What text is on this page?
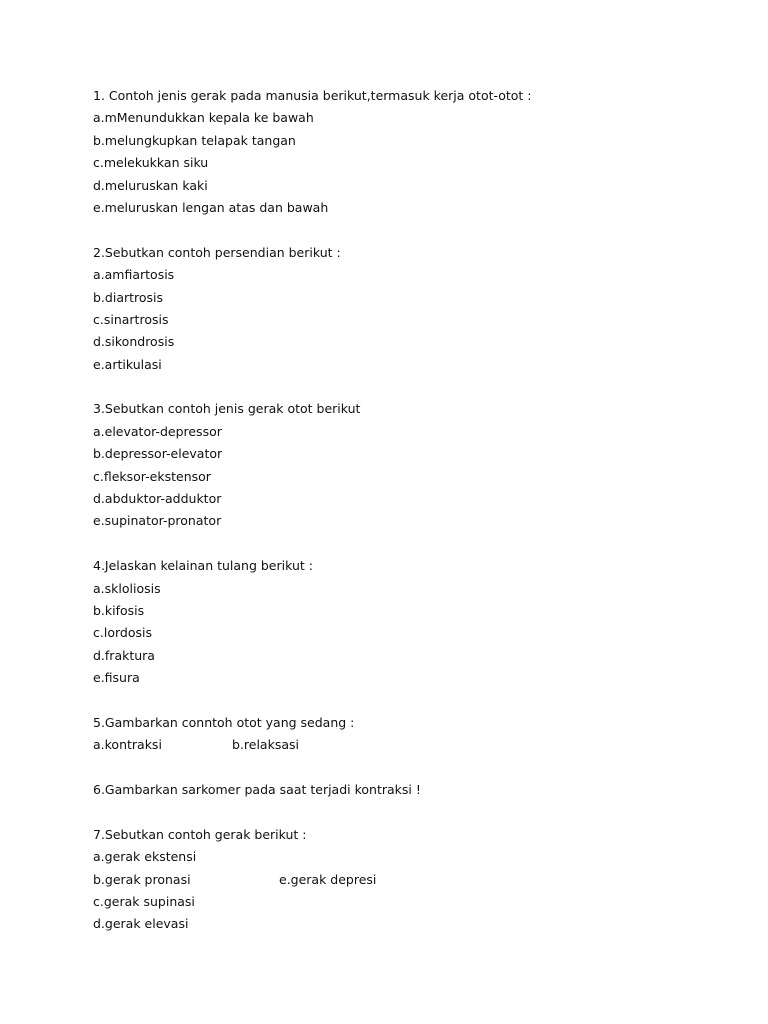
1. Contoh jenis gerak pada manusia berikut,termasuk kerja otot-otot :
a.mMenundukkan kepala ke bawah
b.melungkupkan telapak tangan
c.melekukkan siku
d.meluruskan kaki
e.meluruskan lengan atas dan bawah
2.Sebutkan contoh persendian berikut :
a.amfiartosis
b.diartrosis
c.sinartrosis
d.sikondrosis
e.artikulasi
3.Sebutkan contoh jenis gerak otot berikut
a.elevator-depressor
b.depressor-elevator
c.fleksor-ekstensor
d.abduktor-adduktor
e.supinator-pronator
4.Jelaskan kelainan tulang berikut :
a.skloliosis
b.kifosis
c.lordosis
d.fraktura
e.fisura
5.Gambarkan conntoh otot yang sedang :
a.kontraksi	b.relaksasi
6.Gambarkan sarkomer pada saat terjadi kontraksi !
7.Sebutkan contoh gerak berikut :
a.gerak ekstensi
b.gerak pronasi	e.gerak depresi
c.gerak supinasi
d.gerak elevasi
